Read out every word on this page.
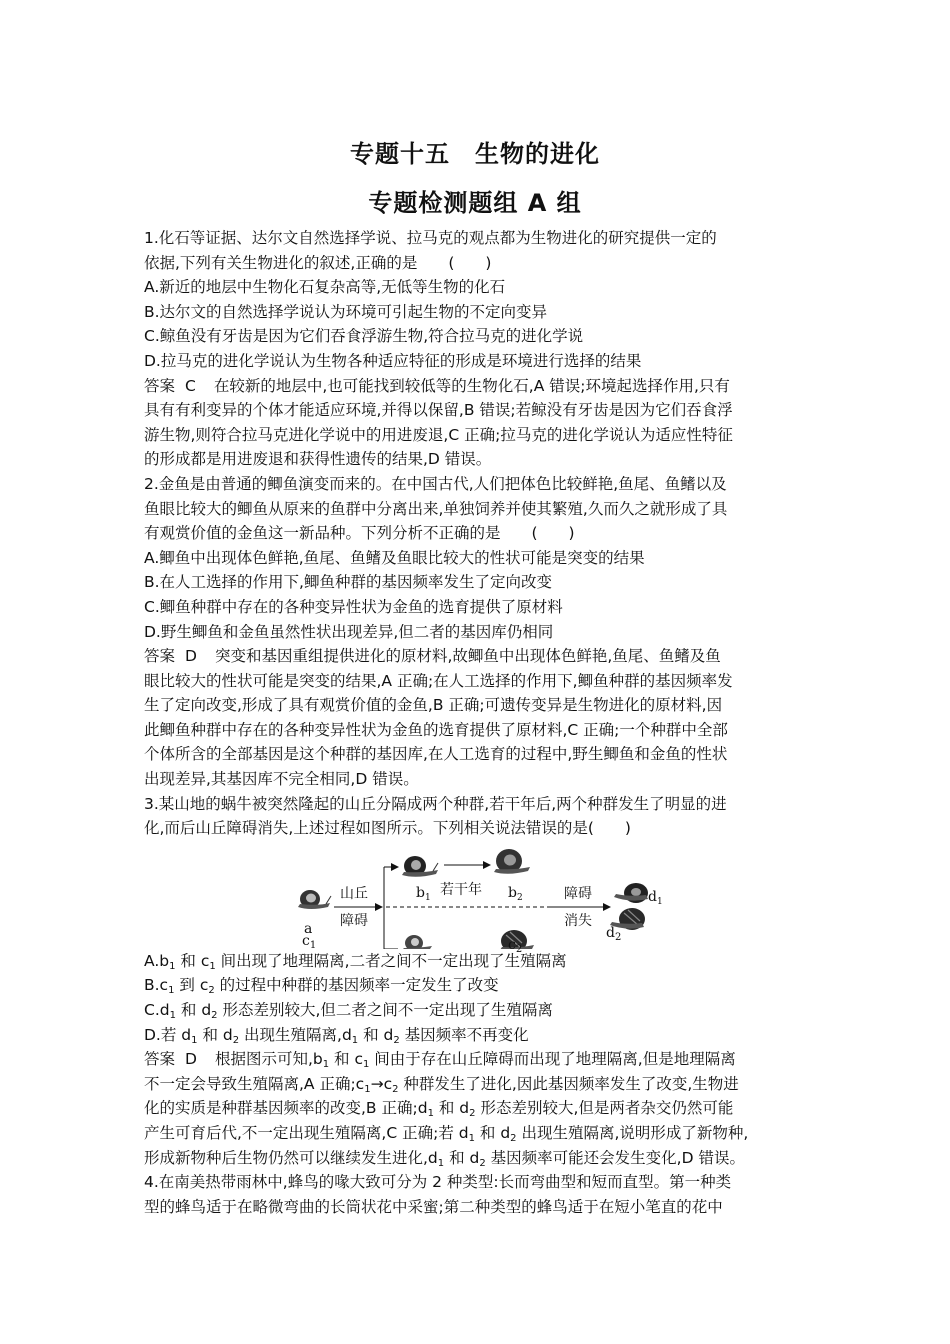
专题十五　生物的进化
专题检测题组 A 组
1.化石等证据、达尔文自然选择学说、拉马克的观点都为生物进化的研究提供一定的
依据,下列有关生物进化的叙述,正确的是　　(　　)
A.新近的地层中生物化石复杂高等,无低等生物的化石
B.达尔文的自然选择学说认为环境可引起生物的不定向变异
C.鲸鱼没有牙齿是因为它们吞食浮游生物,符合拉马克的进化学说
D.拉马克的进化学说认为生物各种适应特征的形成是环境进行选择的结果
答案 C 在较新的地层中,也可能找到较低等的生物化石,A 错误;环境起选择作用,只有
具有有利变异的个体才能适应环境,并得以保留,B 错误;若鲸没有牙齿是因为它们吞食浮
游生物,则符合拉马克进化学说中的用进废退,C 正确;拉马克的进化学说认为适应性特征
的形成都是用进废退和获得性遗传的结果,D 错误。
2.金鱼是由普通的鲫鱼演变而来的。在中国古代,人们把体色比较鲜艳,鱼尾、鱼鳍以及
鱼眼比较大的鲫鱼从原来的鱼群中分离出来,单独饲养并使其繁殖,久而久之就形成了具
有观赏价值的金鱼这一新品种。下列分析不正确的是　　(　　)
A.鲫鱼中出现体色鲜艳,鱼尾、鱼鳍及鱼眼比较大的性状可能是突变的结果
B.在人工选择的作用下,鲫鱼种群的基因频率发生了定向改变
C.鲫鱼种群中存在的各种变异性状为金鱼的选育提供了原材料
D.野生鲫鱼和金鱼虽然性状出现差异,但二者的基因库仍相同
答案 D 突变和基因重组提供进化的原材料,故鲫鱼中出现体色鲜艳,鱼尾、鱼鳍及鱼
眼比较大的性状可能是突变的结果,A 正确;在人工选择的作用下,鲫鱼种群的基因频率发
生了定向改变,形成了具有观赏价值的金鱼,B 正确;可遗传变异是生物进化的原材料,因
此鲫鱼种群中存在的各种变异性状为金鱼的选育提供了原材料,C 正确;一个种群中全部
个体所含的全部基因是这个种群的基因库,在人工选育的过程中,野生鲫鱼和金鱼的性状
出现差异,其基因库不完全相同,D 错误。
3.某山地的蜗牛被突然隆起的山丘分隔成两个种群,若干年后,两个种群发生了明显的进
化,而后山丘障碍消失,上述过程如图所示。下列相关说法错误的是(　　)
a
山丘
障碍
$b_1$ 若干年 $b_2$	障碍
消失
$d_1$
$c_1$	$c_2$
$d_2$
$A.b_1$ 和 $c_1$ 间出现了地理隔离,二者之间不一定出现了生殖隔离
$B.c_1$ 到 $c_2$ 的过程中种群的基因频率一定发生了改变
$C.d_1$ 和 $d_2$ 形态差别较大,但二者之间不一定出现了生殖隔离
D.若 $d_1$ 和 $d_2$ 出现生殖隔离$,d_1$ 和 $d_2$ 基因频率不再变化
答案 D 根据图示可知$,b_1$ 和 $c_1$ 间由于存在山丘障碍而出现了地理隔离,但是地理隔离
不一定会导致生殖隔离,A 正确$;c_1\to c_2$ 种群发生了进化,因此基因频率发生了改变,生物进
化的实质是种群基因频率的改变,B 正确$;d_1$ 和 $d_2$ 形态差别较大,但是两者杂交仍然可能
产生可育后代,不一定出现生殖隔离,C 正确;若 $d_1$ 和 $d_2$ 出现生殖隔离,说明形成了新物种,
形成新物种后生物仍然可以继续发生进化$,d_1$ 和 $d_2$ 基因频率可能还会发生变化,D 错误。
4.在南美热带雨林中,蜂鸟的喙大致可分为 2 种类型:长而弯曲型和短而直型。第一种类
型的蜂鸟适于在略微弯曲的长筒状花中采蜜;第二种类型的蜂鸟适于在短小笔直的花中
